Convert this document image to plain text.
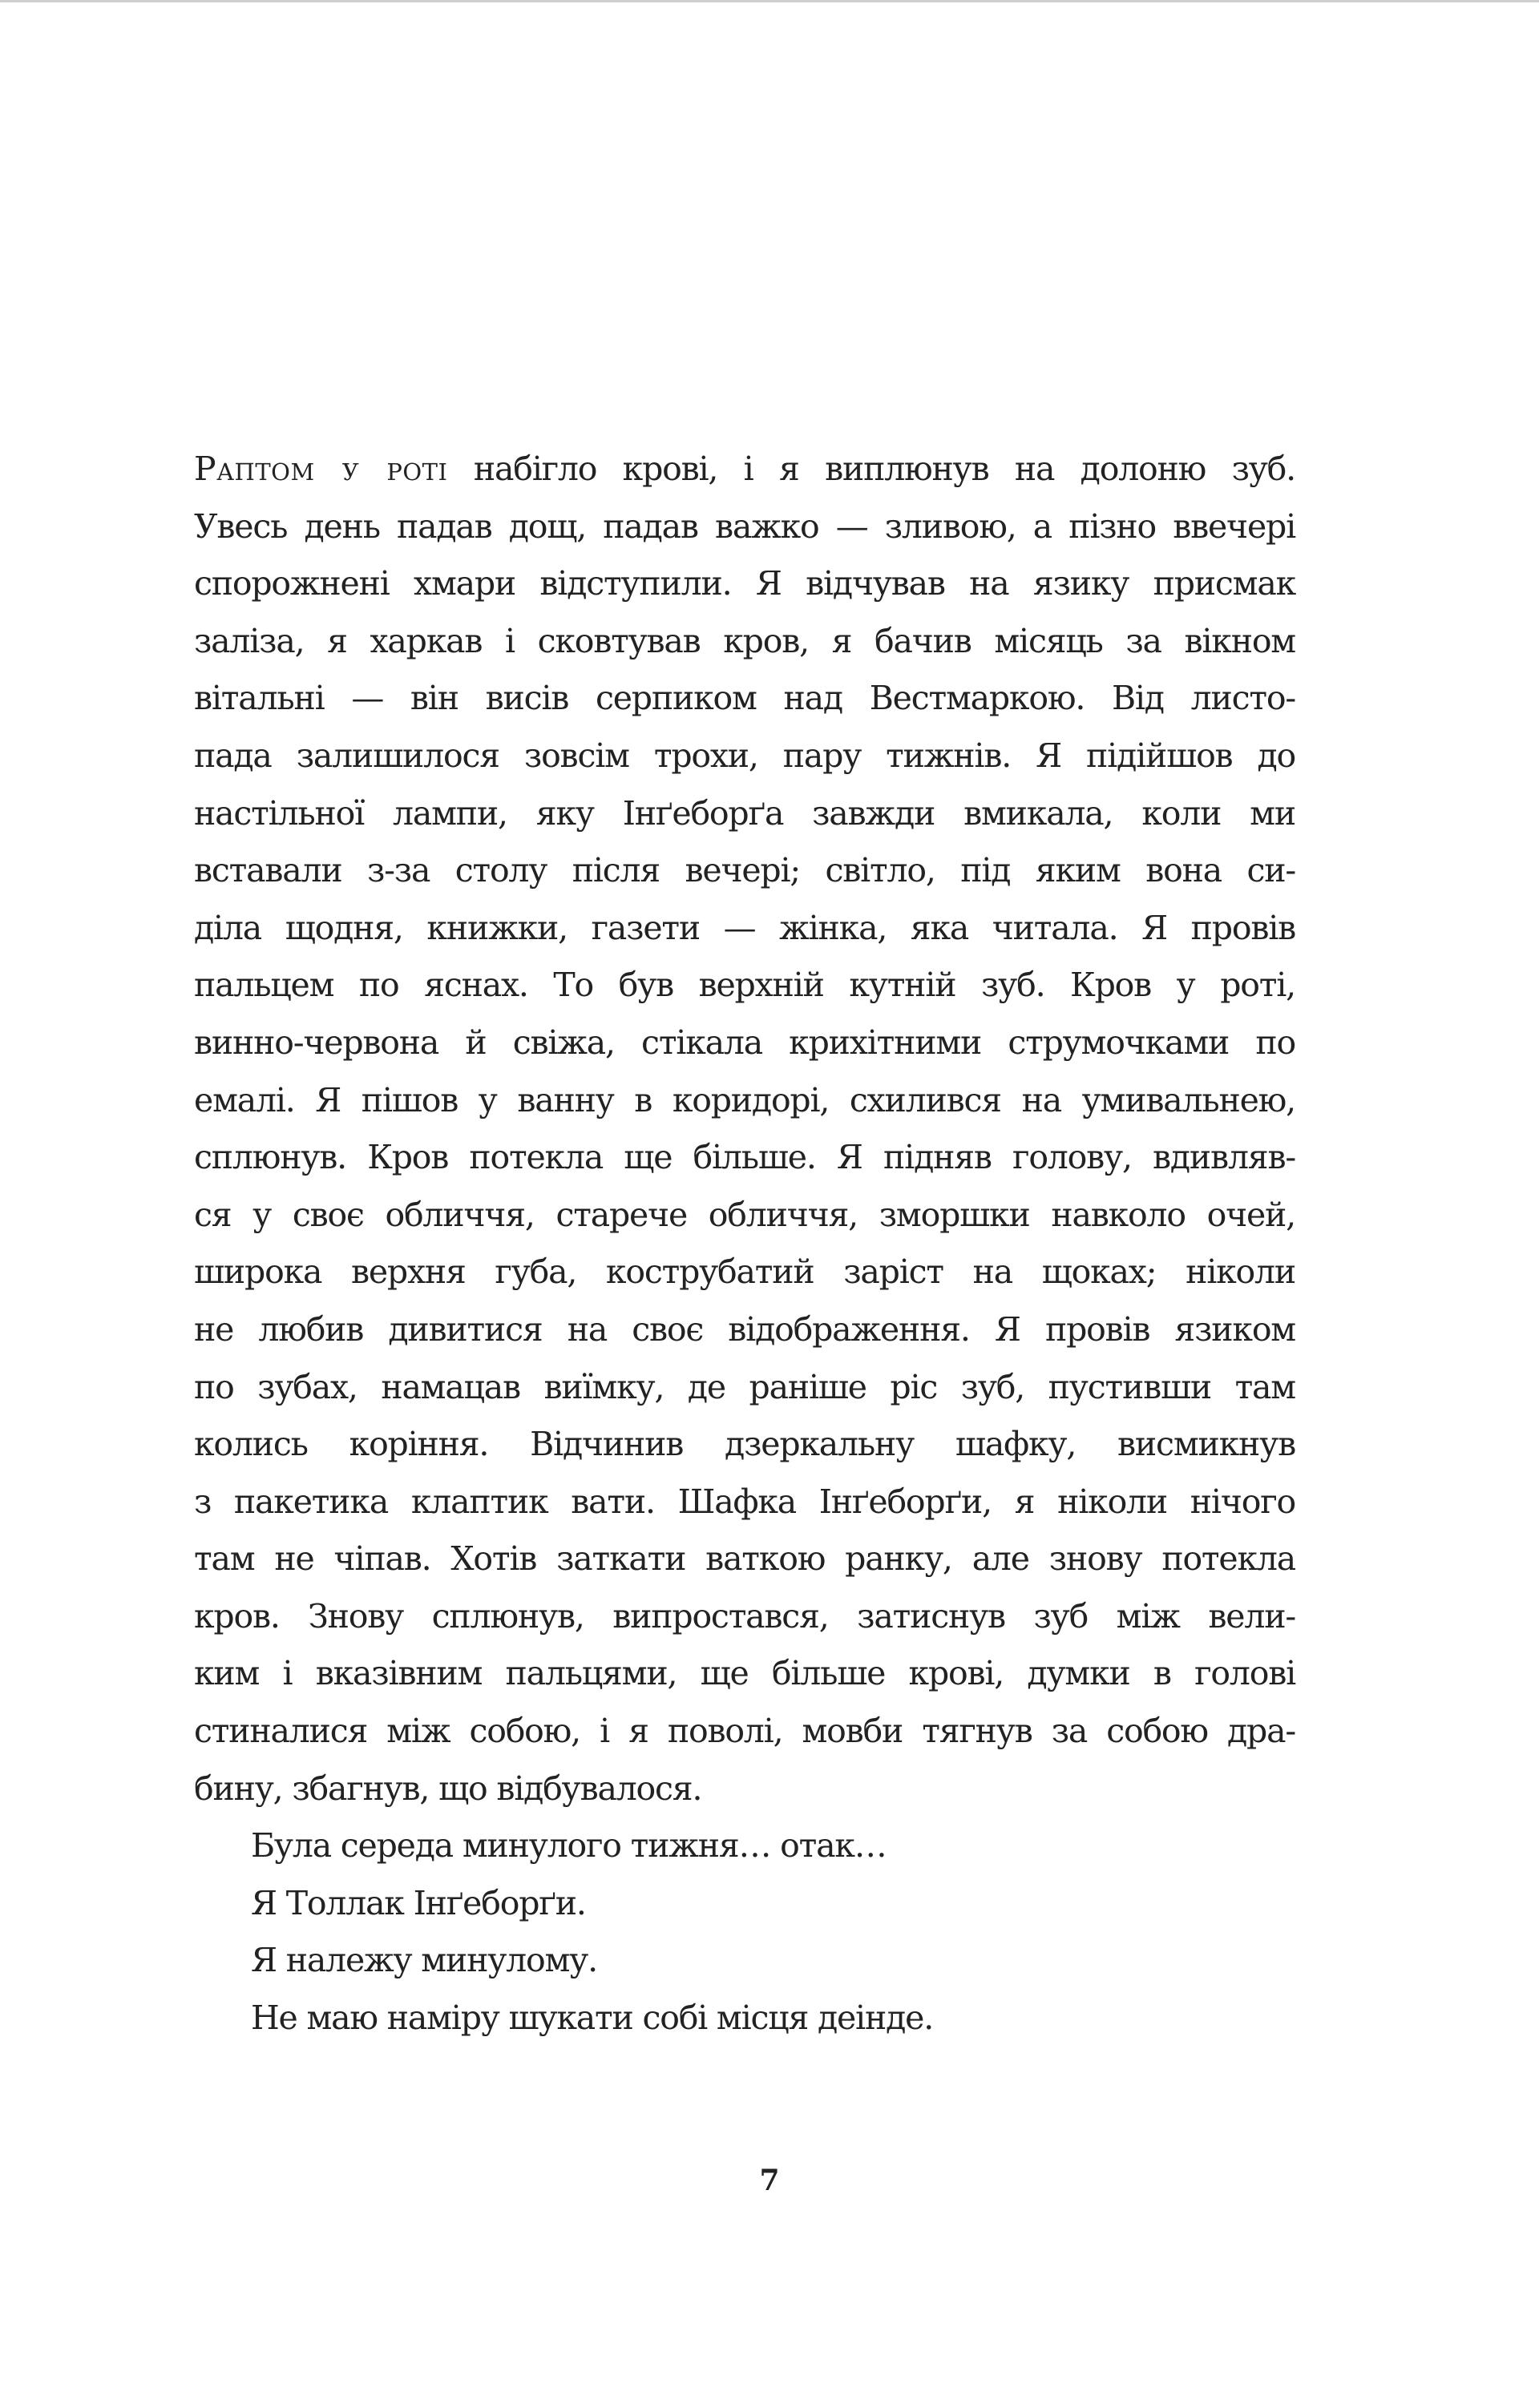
Раптом у роті набігло крові, і я виплюнув на долоню зуб.
Увесь день падав дощ, падав важко — зливою, а пізно ввечері
спорожнені хмари відступили. Я відчував на язику присмак
заліза, я харкав і сковтував кров, я бачив місяць за вікном
вітальні — він висів серпиком над Вестмаркою. Від листо-
пада залишилося зовсім трохи, пару тижнів. Я підійшов до
настільної лампи, яку Інґеборґа завжди вмикала, коли ми
вставали з-за столу після вечері; світло, під яким вона си-
діла щодня, книжки, газети — жінка, яка читала. Я провів
пальцем по яснах. То був верхній кутній зуб. Кров у роті,
винно-червона й свіжа, стікала крихітними струмочками по
емалі. Я пішов у ванну в коридорі, схилився на умивальнею,
сплюнув. Кров потекла ще більше. Я підняв голову, вдивляв-
ся у своє обличчя, старече обличчя, зморшки навколо очей,
широка верхня губа, кострубатий заріст на щоках; ніколи
не любив дивитися на своє відображення. Я провів язиком
по зубах, намацав виїмку, де раніше ріс зуб, пустивши там
колись коріння. Відчинив дзеркальну шафку, висмикнув
з пакетика клаптик вати. Шафка Інґеборґи, я ніколи нічого
там не чіпав. Хотів заткати ваткою ранку, але знову потекла
кров. Знову сплюнув, випростався, затиснув зуб між вели-
ким і вказівним пальцями, ще більше крові, думки в голові
стиналися між собою, і я поволі, мовби тягнув за собою дра-
бину, збагнув, що відбувалося.
Була середа минулого тижня… отак…
Я Толлак Інґеборґи.
Я належу минулому.
Не маю наміру шукати собі місця деінде.
7
